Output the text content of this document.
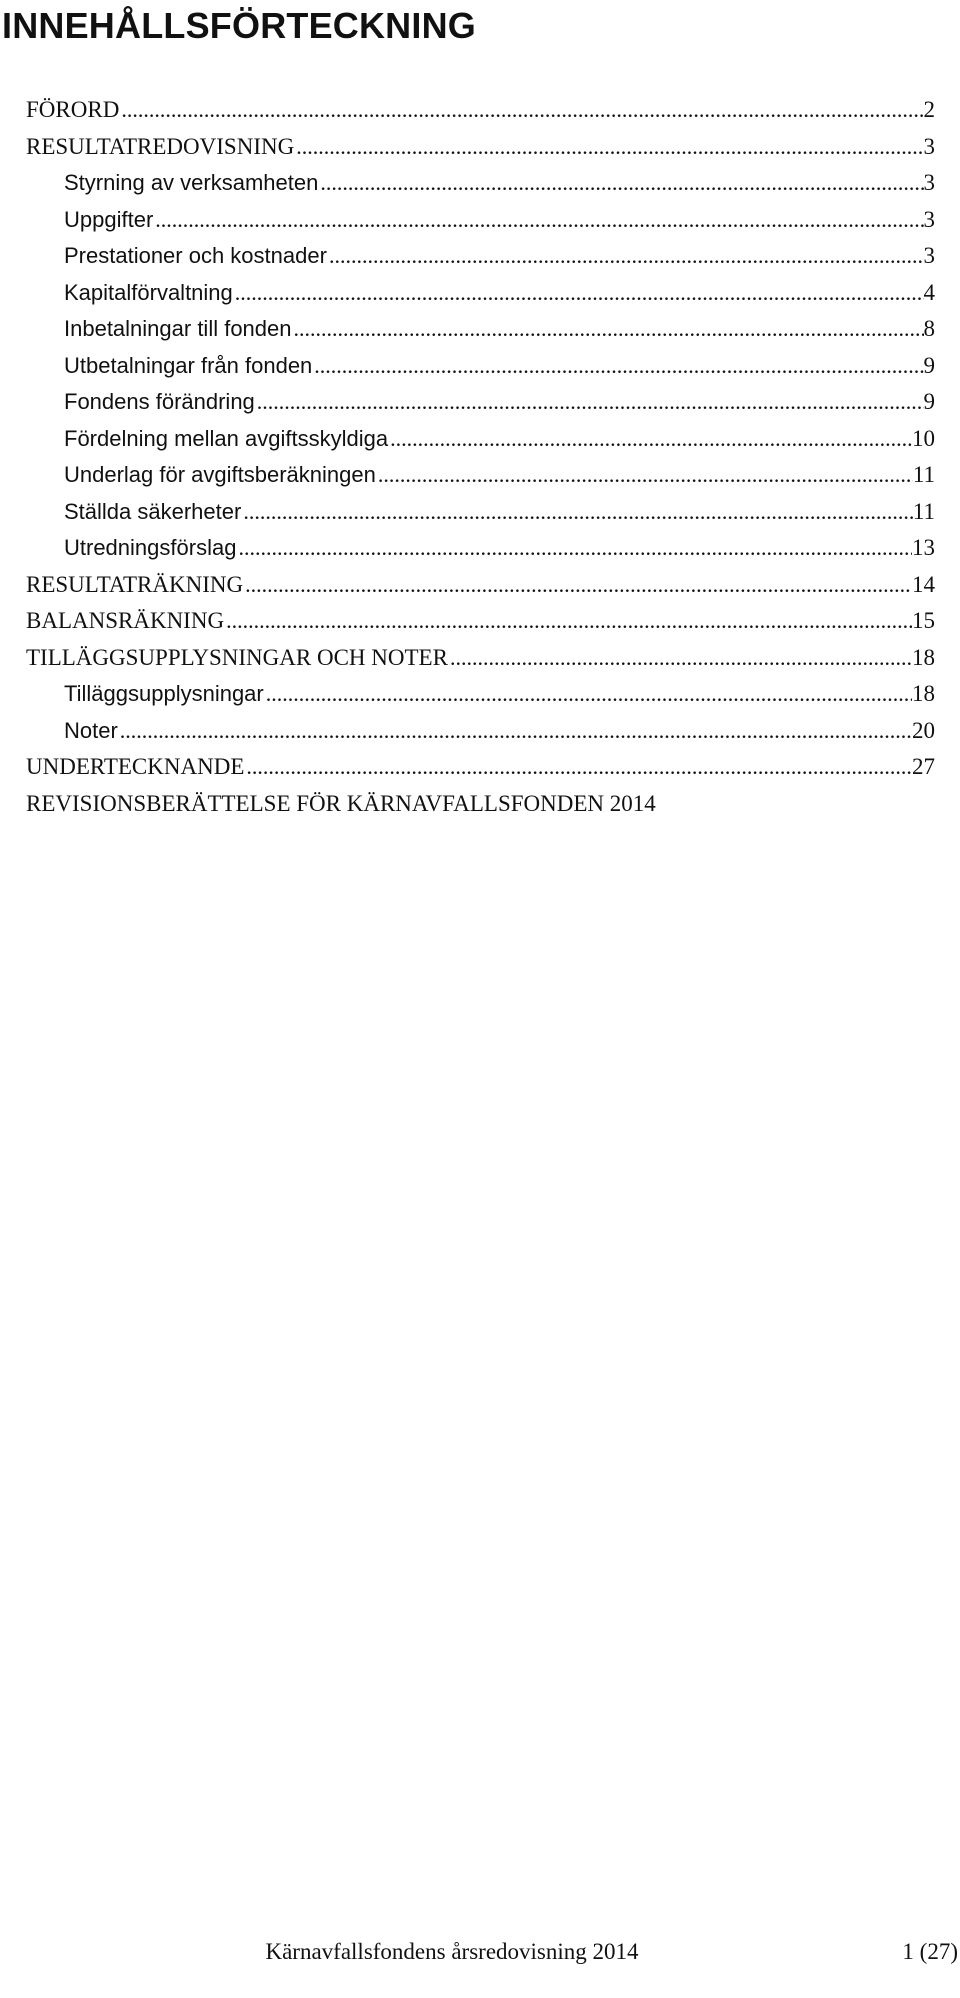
INNEHÅLLSFÖRTECKNING
FÖRORD .....	2
RESULTATREDOVISNING .....	3
Styrning av verksamheten .....	3
Uppgifter .....	3
Prestationer och kostnader .....	3
Kapitalförvaltning .....	4
Inbetalningar till fonden .....	8
Utbetalningar från fonden .....	9
Fondens förändring .....	9
Fördelning mellan avgiftsskyldiga .....	10
Underlag för avgiftsberäkningen .....	11
Ställda säkerheter .....	11
Utredningsförslag .....	13
RESULTATRÄKNING .....	14
BALANSRÄKNING .....	15
TILLÄGGSUPPLYSNINGAR OCH NOTER .....	18
Tilläggsupplysningar .....	18
Noter .....	20
UNDERTECKNANDE .....	27
REVISIONSBERÄTTELSE FÖR KÄRNAVFALLSFONDEN 2014
Kärnavfallsfondens årsredovisning 2014	1 (27)
